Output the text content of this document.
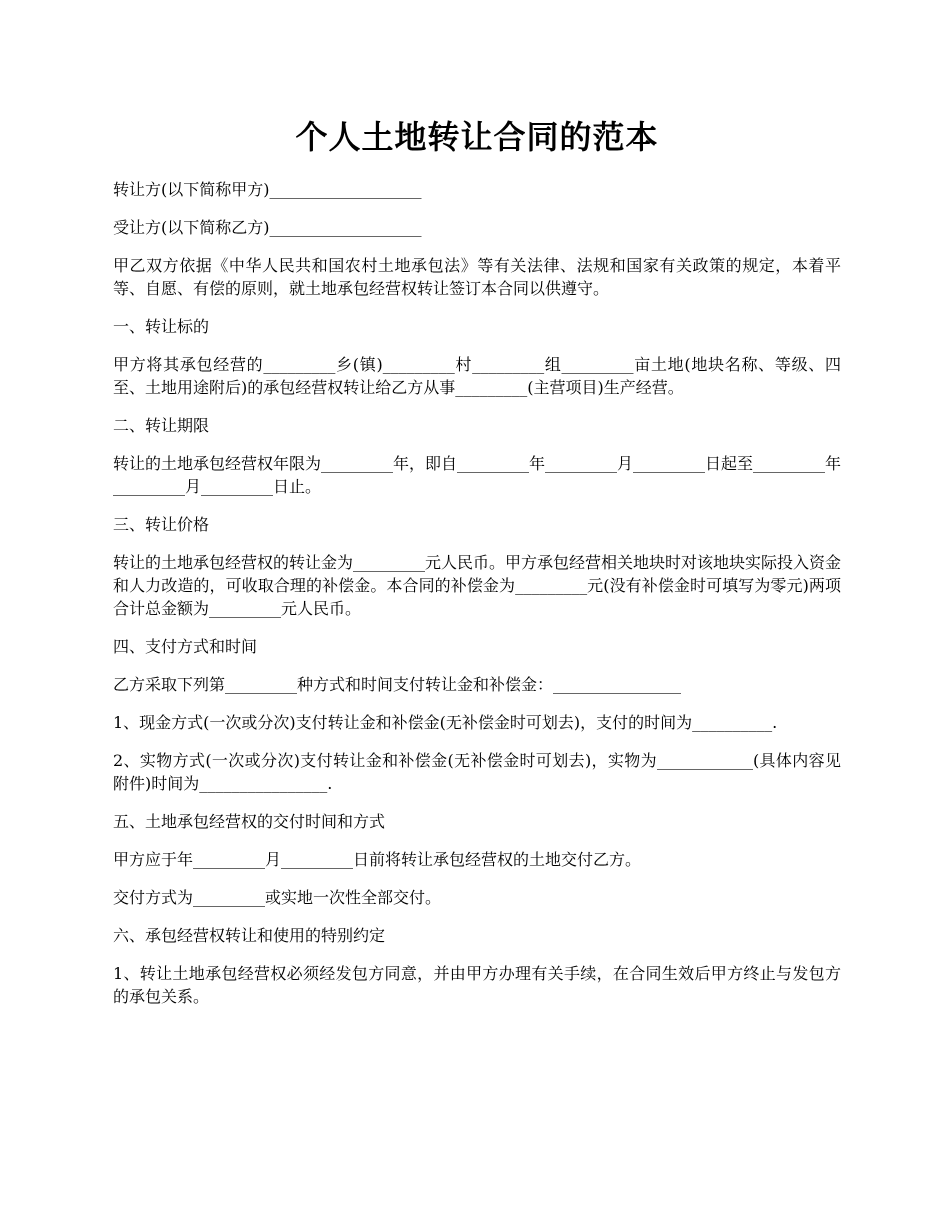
个人土地转让合同的范本

转让方(以下简称甲方)___________________

受让方(以下简称乙方)___________________

甲乙双方依据《中华人民共和国农村土地承包法》等有关法律、法规和国家有关政策的规定，本着平等、自愿、有偿的原则，就土地承包经营权转让签订本合同以供遵守。

一、转让标的

甲方将其承包经营的_________乡(镇)_________村_________组_________亩土地(地块名称、等级、四至、土地用途附后)的承包经营权转让给乙方从事_________(主营项目)生产经营。

二、转让期限

转让的土地承包经营权年限为_________年，即自_________年_________月_________日起至_________年_________月_________日止。

三、转让价格

转让的土地承包经营权的转让金为_________元人民币。甲方承包经营相关地块时对该地块实际投入资金和人力改造的，可收取合理的补偿金。本合同的补偿金为_________元(没有补偿金时可填写为零元)两项合计总金额为_________元人民币。

四、支付方式和时间

乙方采取下列第_________种方式和时间支付转让金和补偿金：________________

1、现金方式(一次或分次)支付转让金和补偿金(无补偿金时可划去)，支付的时间为__________.

2、实物方式(一次或分次)支付转让金和补偿金(无补偿金时可划去)，实物为____________(具体内容见附件)时间为________________.

五、土地承包经营权的交付时间和方式

甲方应于年_________月_________日前将转让承包经营权的土地交付乙方。

交付方式为_________或实地一次性全部交付。

六、承包经营权转让和使用的特别约定

1、转让土地承包经营权必须经发包方同意，并由甲方办理有关手续，在合同生效后甲方终止与发包方的承包关系。
